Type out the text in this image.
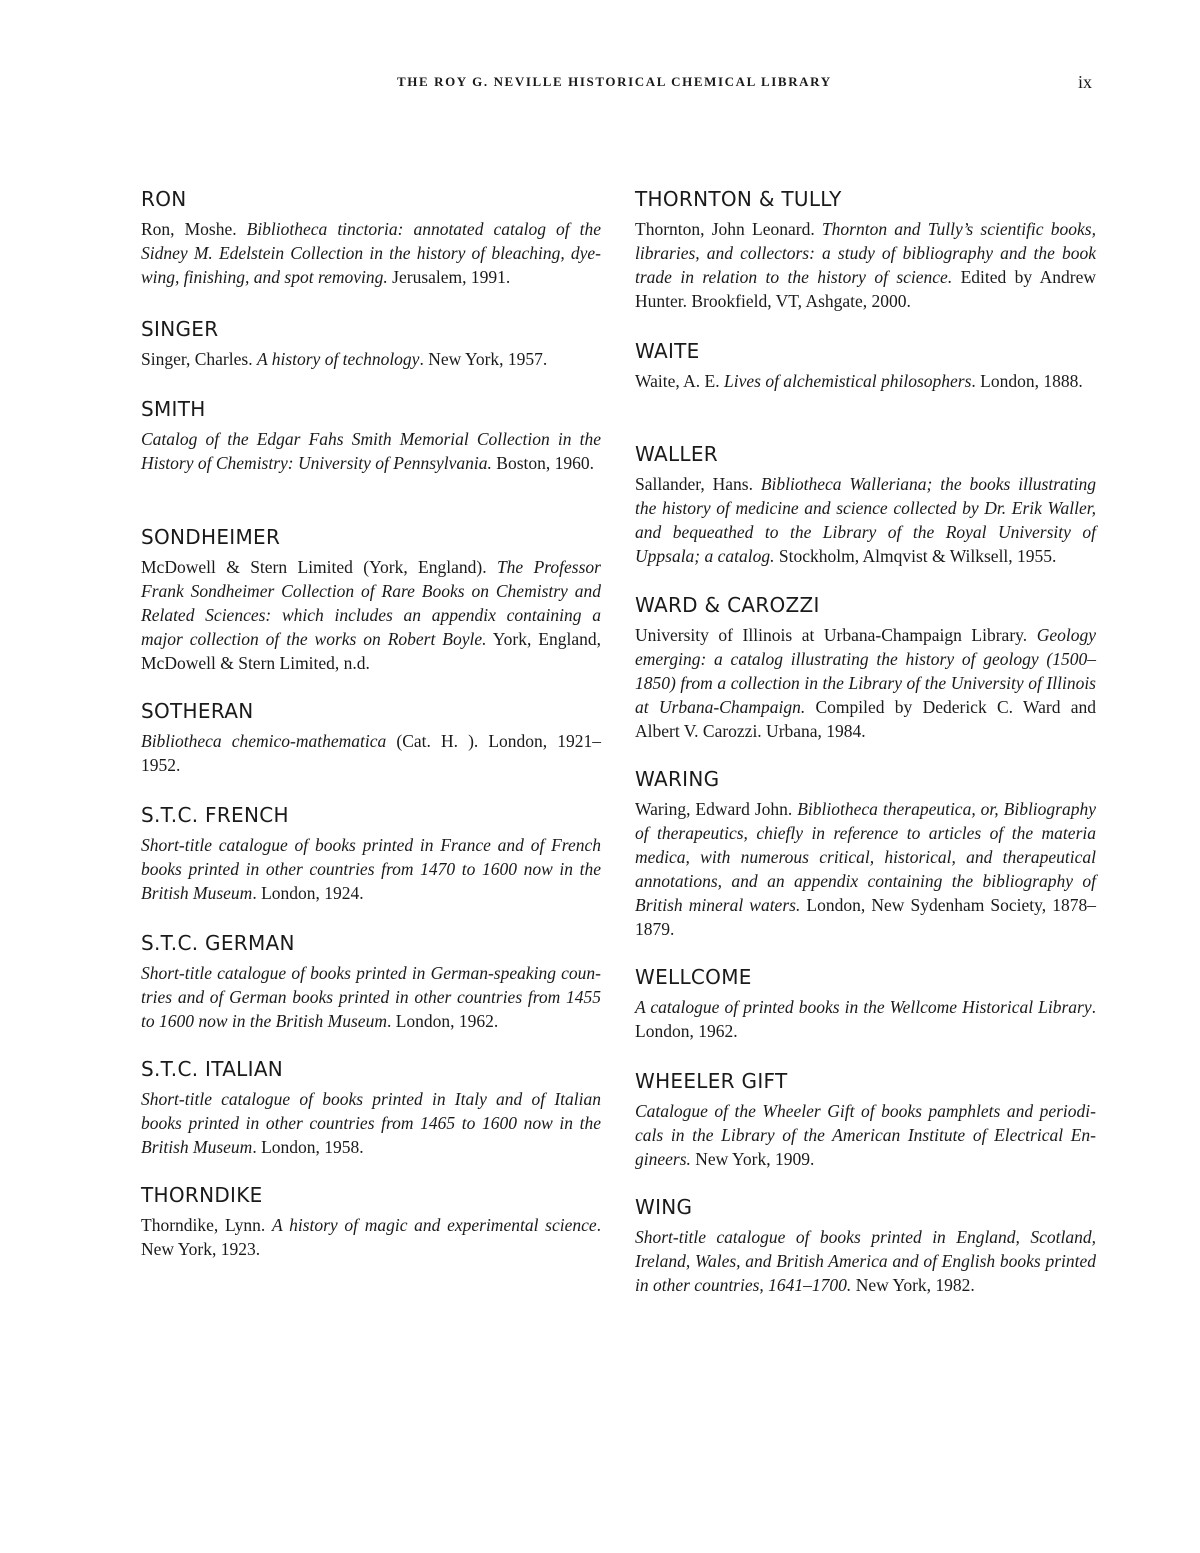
THE ROY G. NEVILLE HISTORICAL CHEMICAL LIBRARY	ix
RON

Ron, Moshe. Bibliotheca tinctoria: annotated catalog of the Sidney M. Edelstein Collection in the history of bleaching, dyewing, finishing, and spot removing. Jerusalem, 1991.

SINGER

Singer, Charles. A history of technology. New York, 1957.

SMITH

Catalog of the Edgar Fahs Smith Memorial Collection in the History of Chemistry: University of Pennsylvania. Boston, 1960.

SONDHEIMER

McDowell & Stern Limited (York, England). The Professor Frank Sondheimer Collection of Rare Books on Chemistry and Related Sciences: which includes an appendix containing a major collection of the works on Robert Boyle. York, England, McDowell & Stern Limited, n.d.

SOTHERAN

Bibliotheca chemico-mathematica (Cat. H. ). London, 1921–1952.

S.T.C. FRENCH

Short-title catalogue of books printed in France and of French books printed in other countries from 1470 to 1600 now in the British Museum. London, 1924.

S.T.C. GERMAN

Short-title catalogue of books printed in German-speaking countries and of German books printed in other countries from 1455 to 1600 now in the British Museum. London, 1962.

S.T.C. ITALIAN

Short-title catalogue of books printed in Italy and of Italian books printed in other countries from 1465 to 1600 now in the British Museum. London, 1958.

THORNDIKE

Thorndike, Lynn. A history of magic and experimental science. New York, 1923.

THORNTON & TULLY

Thornton, John Leonard. Thornton and Tully’s scientific books, libraries, and collectors: a study of bibliography and the book trade in relation to the history of science. Edited by Andrew Hunter. Brookfield, VT, Ashgate, 2000.

WAITE

Waite, A. E. Lives of alchemistical philosophers. London, 1888.

WALLER

Sallander, Hans. Bibliotheca Walleriana; the books illustrating the history of medicine and science collected by Dr. Erik Waller, and bequeathed to the Library of the Royal University of Uppsala; a catalog. Stockholm, Almqvist & Wilksell, 1955.

WARD & CAROZZI

University of Illinois at Urbana-Champaign Library. Geology emerging: a catalog illustrating the history of geology (1500–1850) from a collection in the Library of the University of Illinois at Urbana-Champaign. Compiled by Dederick C. Ward and Albert V. Carozzi. Urbana, 1984.

WARING

Waring, Edward John. Bibliotheca therapeutica, or, Bibliography of therapeutics, chiefly in reference to articles of the materia medica, with numerous critical, historical, and therapeutical annotations, and an appendix containing the bibliography of British mineral waters. London, New Sydenham Society, 1878–1879.

WELLCOME

A catalogue of printed books in the Wellcome Historical Library. London, 1962.

WHEELER GIFT

Catalogue of the Wheeler Gift of books pamphlets and periodicals in the Library of the American Institute of Electrical Engineers. New York, 1909.

WING

Short-title catalogue of books printed in England, Scotland, Ireland, Wales, and British America and of English books printed in other countries, 1641–1700. New York, 1982.
